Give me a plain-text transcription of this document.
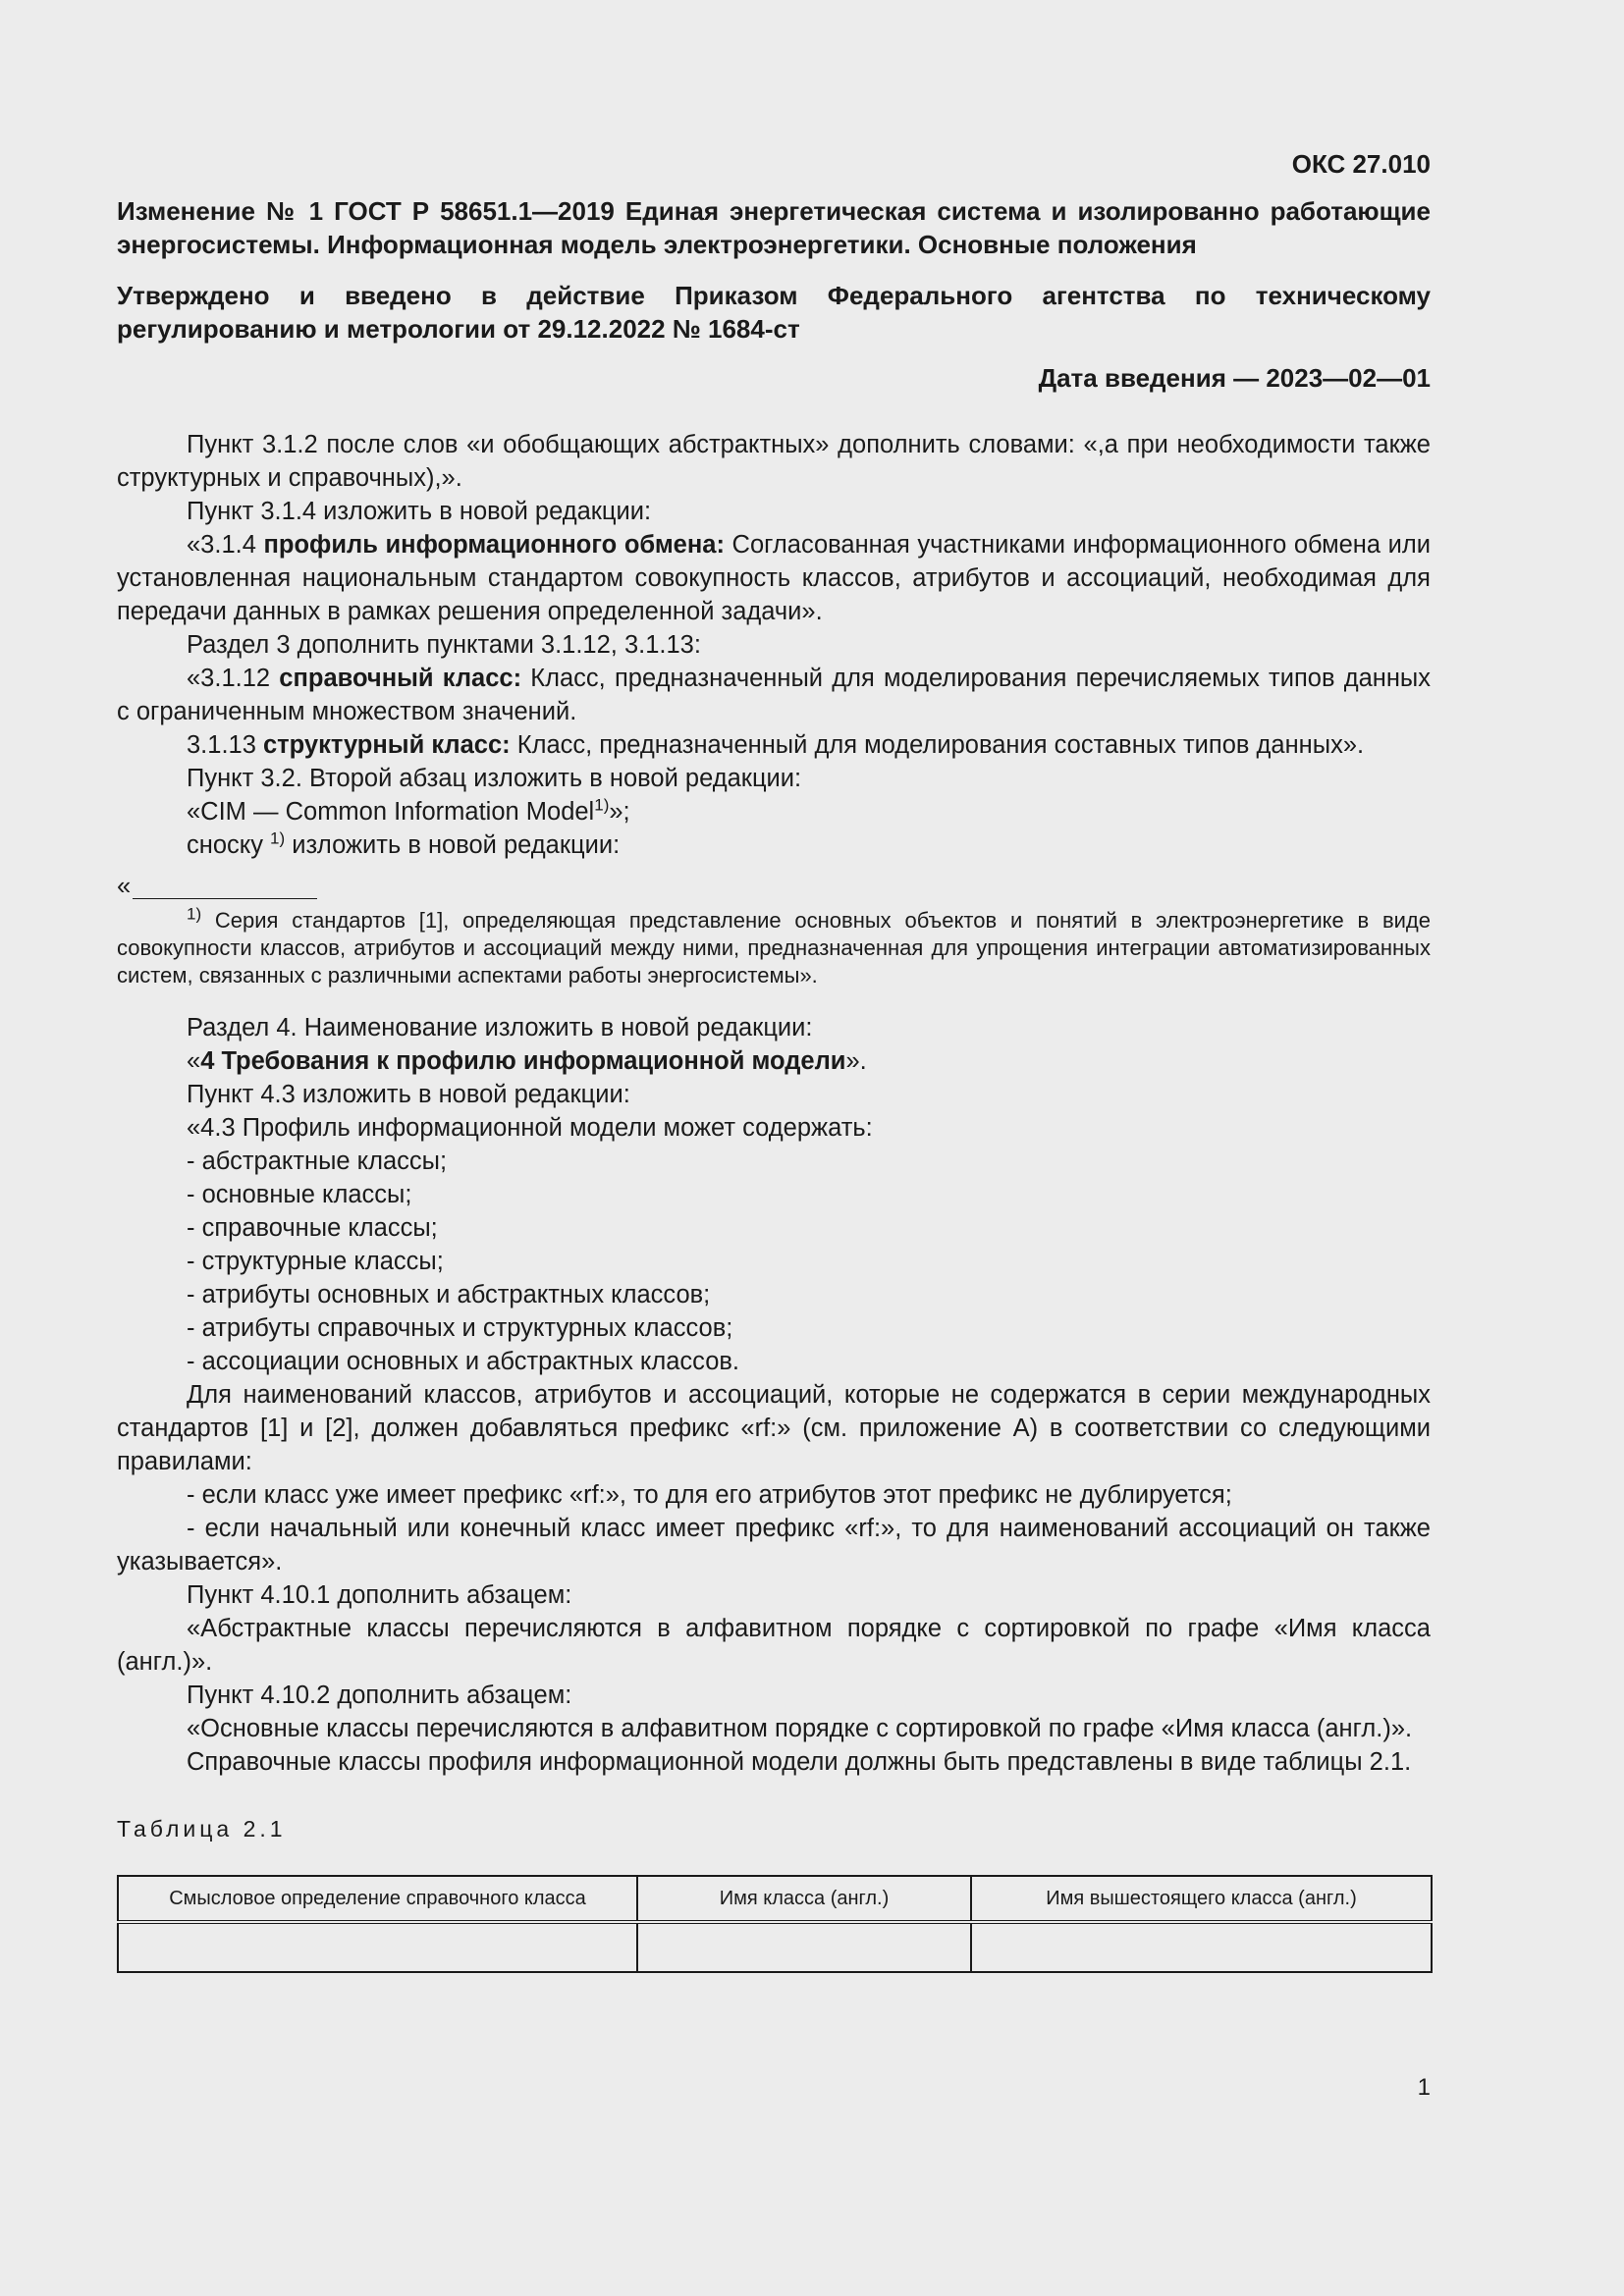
ОКС 27.010
Изменение № 1 ГОСТ Р 58651.1—2019 Единая энергетическая система и изолированно работающие энергосистемы. Информационная модель электроэнергетики. Основные положения
Утверждено и введено в действие Приказом Федерального агентства по техническому регулированию и метрологии от 29.12.2022 № 1684-ст
Дата введения — 2023—02—01

Пункт 3.1.2 после слов «и обобщающих абстрактных» дополнить словами: «,а при необходимости также структурных и справочных),».

Пункт 3.1.4 изложить в новой редакции:

«3.1.4 профиль информационного обмена: Согласованная участниками информационного обмена или установленная национальным стандартом совокупность классов, атрибутов и ассоциаций, необходимая для передачи данных в рамках решения определенной задачи».

Раздел 3 дополнить пунктами 3.1.12, 3.1.13:

«3.1.12 справочный класс: Класс, предназначенный для моделирования перечисляемых типов данных с ограниченным множеством значений.

3.1.13 структурный класс: Класс, предназначенный для моделирования составных типов данных».

Пункт 3.2. Второй абзац изложить в новой редакции:

«CIM — Common Information Model$^{1)}$»;

сноску $^{1)}$ изложить в новой редакции:

«

$^{1)}$ Серия стандартов [1], определяющая представление основных объектов и понятий в электроэнергетике в виде совокупности классов, атрибутов и ассоциаций между ними, предназначенная для упрощения интеграции автоматизированных систем, связанных с различными аспектами работы энергосистемы».

Раздел 4. Наименование изложить в новой редакции:

«4 Требования к профилю информационной модели».

Пункт 4.3 изложить в новой редакции:

«4.3 Профиль информационной модели может содержать:

- абстрактные классы;

- основные классы;

- справочные классы;

- структурные классы;

- атрибуты основных и абстрактных классов;

- атрибуты справочных и структурных классов;

- ассоциации основных и абстрактных классов.

Для наименований классов, атрибутов и ассоциаций, которые не содержатся в серии международных стандартов [1] и [2], должен добавляться префикс «rf:» (см. приложение А) в соответствии со следующими правилами:

- если класс уже имеет префикс «rf:», то для его атрибутов этот префикс не дублируется;

- если начальный или конечный класс имеет префикс «rf:», то для наименований ассоциаций он также указывается».

Пункт 4.10.1 дополнить абзацем:

«Абстрактные классы перечисляются в алфавитном порядке с сортировкой по графе «Имя класса (англ.)».

Пункт 4.10.2 дополнить абзацем:

«Основные классы перечисляются в алфавитном порядке с сортировкой по графе «Имя класса (англ.)».

Справочные классы профиля информационной модели должны быть представлены в виде таблицы 2.1.

Таблица 2.1
Смысловое определение справочного класса	Имя класса (англ.)	Имя вышестоящего класса (англ.)

1
